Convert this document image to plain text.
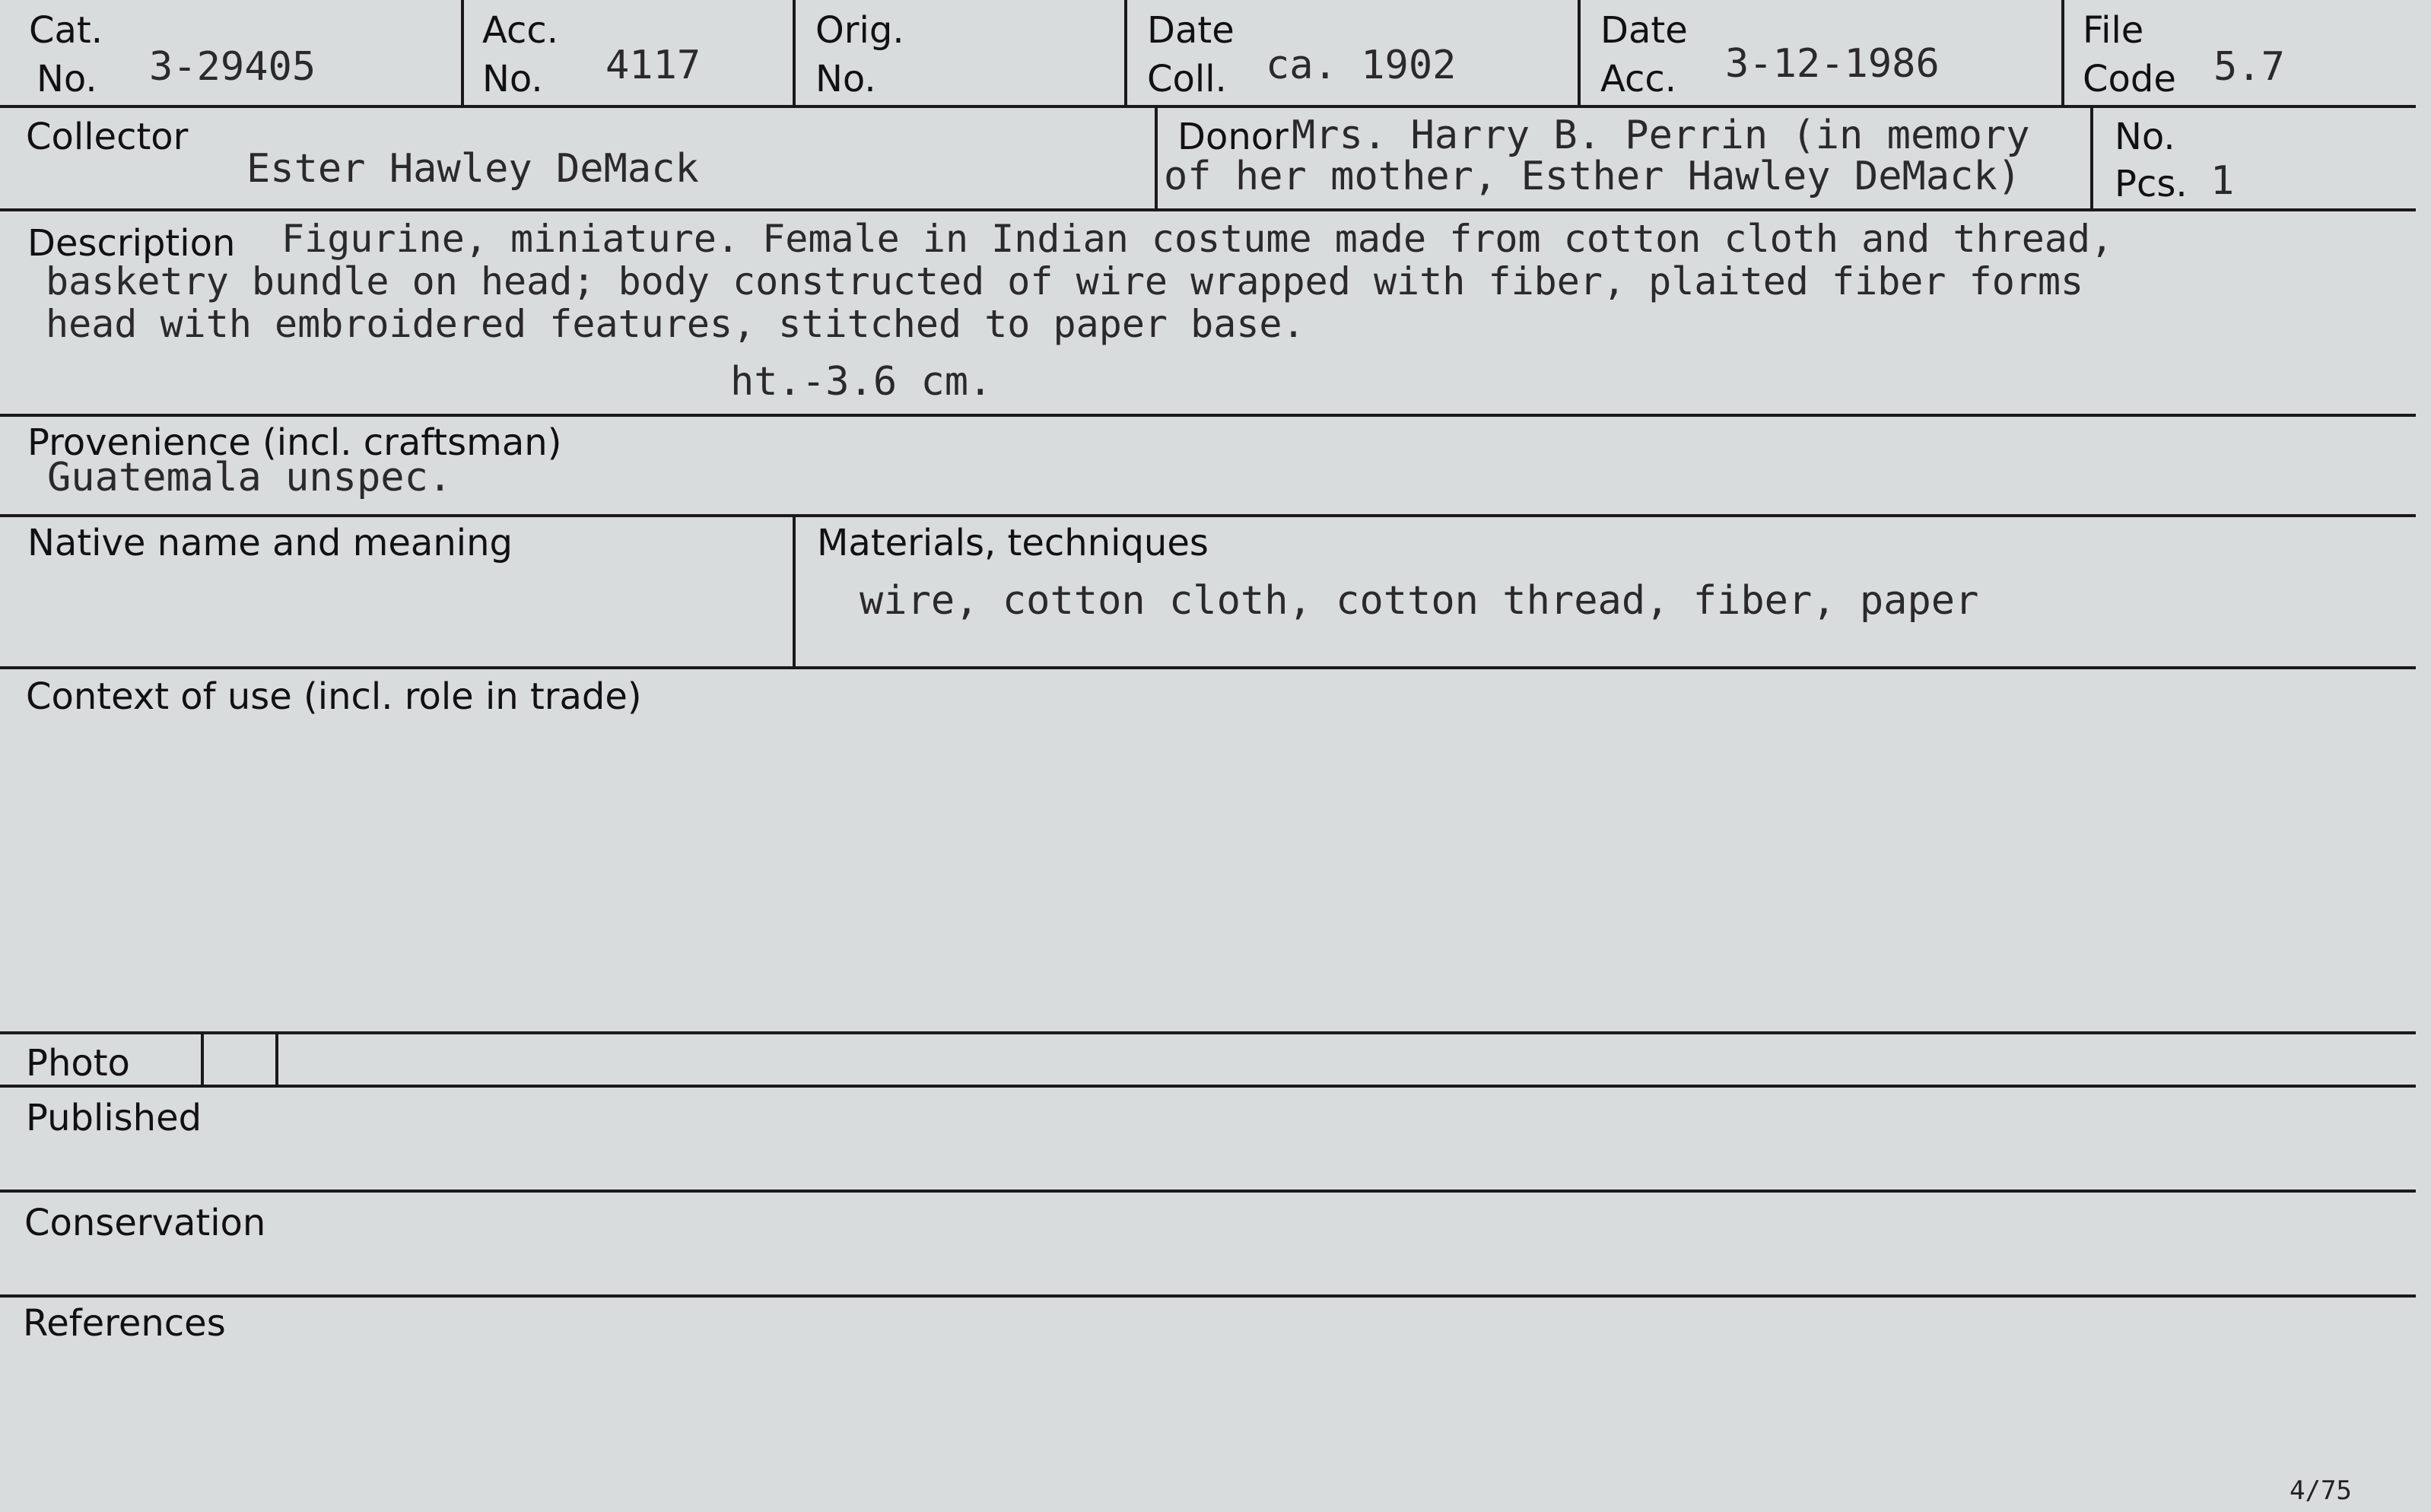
Cat.
No. 3-29405
Acc.
No. 4117
Orig.
No.
Date
Coll. ca. 1902
Date
Acc. 3-12-1986
File
Code 5.7
Collector
Ester Hawley DeMack
Donor Mrs. Harry B. Perrin (in memory
of her mother, Esther Hawley DeMack)
No.
Pcs. 1
Description	Figurine, miniature. Female in Indian costume made from cotton cloth and thread,
basketry bundle on head; body constructed of wire wrapped with fiber, plaited fiber forms
head with embroidered features, stitched to paper base.
ht.-3.6 cm.
Provenience (incl. craftsman)
Guatemala unspec.
Native name and meaning	Materials, techniques
wire, cotton cloth, cotton thread, fiber, paper
Context of use (incl. role in trade)
Photo
Published
Conservation
References
4/75
